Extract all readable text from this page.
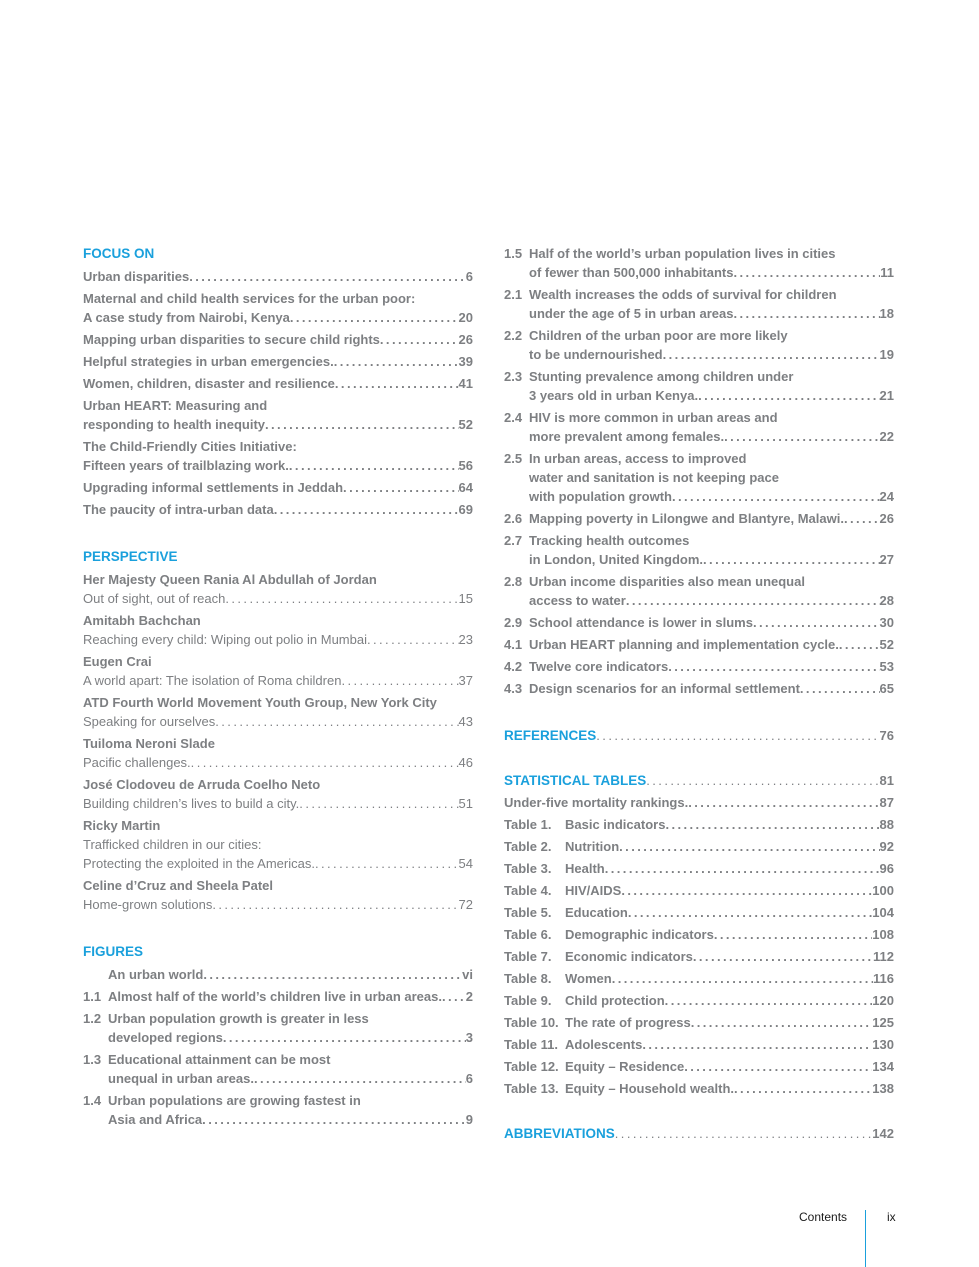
FOCUS ON
Urban disparities . . .	6
Maternal and child health services for the urban poor:
A case study from Nairobi, Kenya . . .	20
Mapping urban disparities to secure child rights . . .	26
Helpful strategies in urban emergencies. . . .	39
Women, children, disaster and resilience . . .	41
Urban HEART: Measuring and
responding to health inequity . . .	52
The Child-Friendly Cities Initiative:
Fifteen years of trailblazing work. . . .	56
Upgrading informal settlements in Jeddah . . .	64
The paucity of intra-urban data . . .	69
PERSPECTIVE
Her Majesty Queen Rania Al Abdullah of Jordan
Out of sight, out of reach . . .	15
Amitabh Bachchan
Reaching every child: Wiping out polio in Mumbai . . .	23
Eugen Crai
A world apart: The isolation of Roma children . . .	37
ATD Fourth World Movement Youth Group, New York City
Speaking for ourselves . . .	43
Tuiloma Neroni Slade
Pacific challenges. . . .	46
José Clodoveu de Arruda Coelho Neto
Building children’s lives to build a city. . . .	51
Ricky Martin
Trafficked children in our cities:
Protecting the exploited in the Americas. . . .	54
Celine d’Cruz and Sheela Patel
Home-grown solutions . . .	72
FIGURES
An urban world . . .	vi
1.1 Almost half of the world’s children live in urban areas. . . . 2
1.2 Urban population growth is greater in less
developed regions . . .	3
1.3 Educational attainment can be most
unequal in urban areas. . . .	6
1.4 Urban populations are growing fastest in
Asia and Africa . . .	9
1.5 Half of the world’s urban population lives in cities
of fewer than 500,000 inhabitants . . .	11
2.1 Wealth increases the odds of survival for children
under the age of 5 in urban areas . . .	18
2.2 Children of the urban poor are more likely
to be undernourished . . .	19
2.3 Stunting prevalence among children under
3 years old in urban Kenya. . . .	21
2.4 HIV is more common in urban areas and
more prevalent among females. . . .	22
2.5 In urban areas, access to improved
water and sanitation is not keeping pace
with population growth . . .	24
2.6 Mapping poverty in Lilongwe and Blantyre, Malawi. . . .	26
2.7 Tracking health outcomes
in London, United Kingdom. . . .	27
2.8 Urban income disparities also mean unequal
access to water . . .	28
2.9 School attendance is lower in slums . . .	30
4.1 Urban HEART planning and implementation cycle. . . .	52
4.2 Twelve core indicators . . .	53
4.3 Design scenarios for an informal settlement . . .	65
REFERENCES . . .	76
STATISTICAL TABLES . . .	81
Under-five mortality rankings. . . .	87
Table 1.	Basic indicators . . .	88
Table 2.	Nutrition . . .	92
Table 3.	Health . . .	96
Table 4.	HIV/AIDS . . .	100
Table 5.	Education . . .	104
Table 6.	Demographic indicators . . .	108
Table 7.	Economic indicators . . .	112
Table 8.	Women . . .	116
Table 9.	Child protection . . .	120
Table 10. The rate of progress . . .	125
Table 11. Adolescents . . .	130
Table 12. Equity – Residence . . .	134
Table 13. Equity – Household wealth. . . .	138
ABBREVIATIONS . . .	142
Contents	ix
